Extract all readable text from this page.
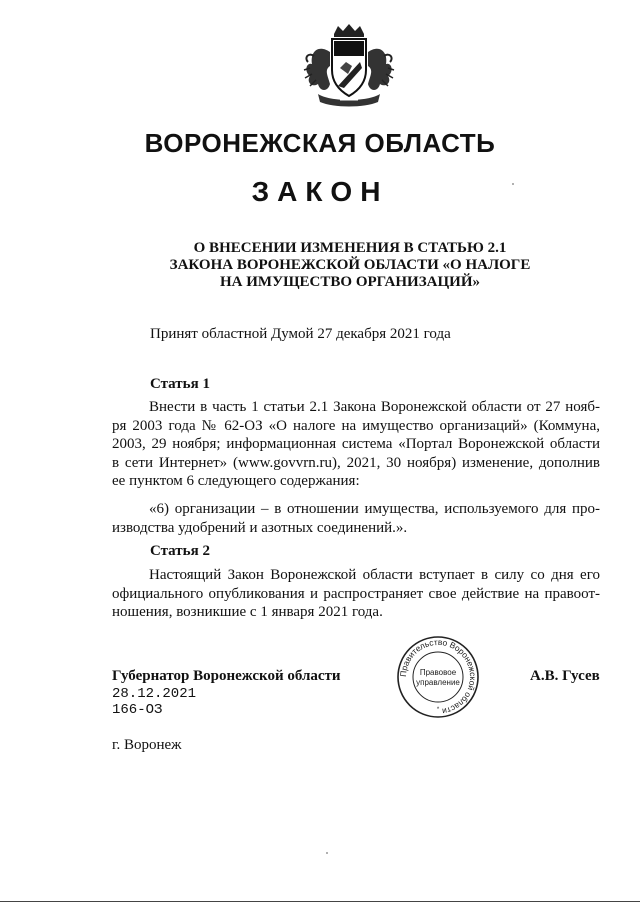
ВОРОНЕЖСКАЯ ОБЛАСТЬ
ЗАКОН
О ВНЕСЕНИИ ИЗМЕНЕНИЯ В СТАТЬЮ 2.1
ЗАКОНА ВОРОНЕЖСКОЙ ОБЛАСТИ «О НАЛОГЕ
НА ИМУЩЕСТВО ОРГАНИЗАЦИЙ»
Принят областной Думой 27 декабря 2021 года
Статья 1
Внести в часть 1 статьи 2.1 Закона Воронежской области от 27 нояб-
ря 2003 года № 62-ОЗ «О налоге на имущество организаций» (Коммуна,
2003, 29 ноября; информационная система «Портал Воронежской области
в сети Интернет» (www.govvrn.ru), 2021, 30 ноября) изменение, дополнив
ее пунктом 6 следующего содержания:
«6) организации – в отношении имущества, используемого для про-
изводства удобрений и азотных соединений.».
Статья 2
Настоящий Закон Воронежской области вступает в силу со дня его
официального опубликования и распространяет свое действие на правоот-
ношения, возникшие с 1 января 2021 года.
Губернатор Воронежской области
28.12.2021
166-ОЗ
г. Воронеж
А.В. Гусев
Правительство Воронежской области
Правовое
управление
*
